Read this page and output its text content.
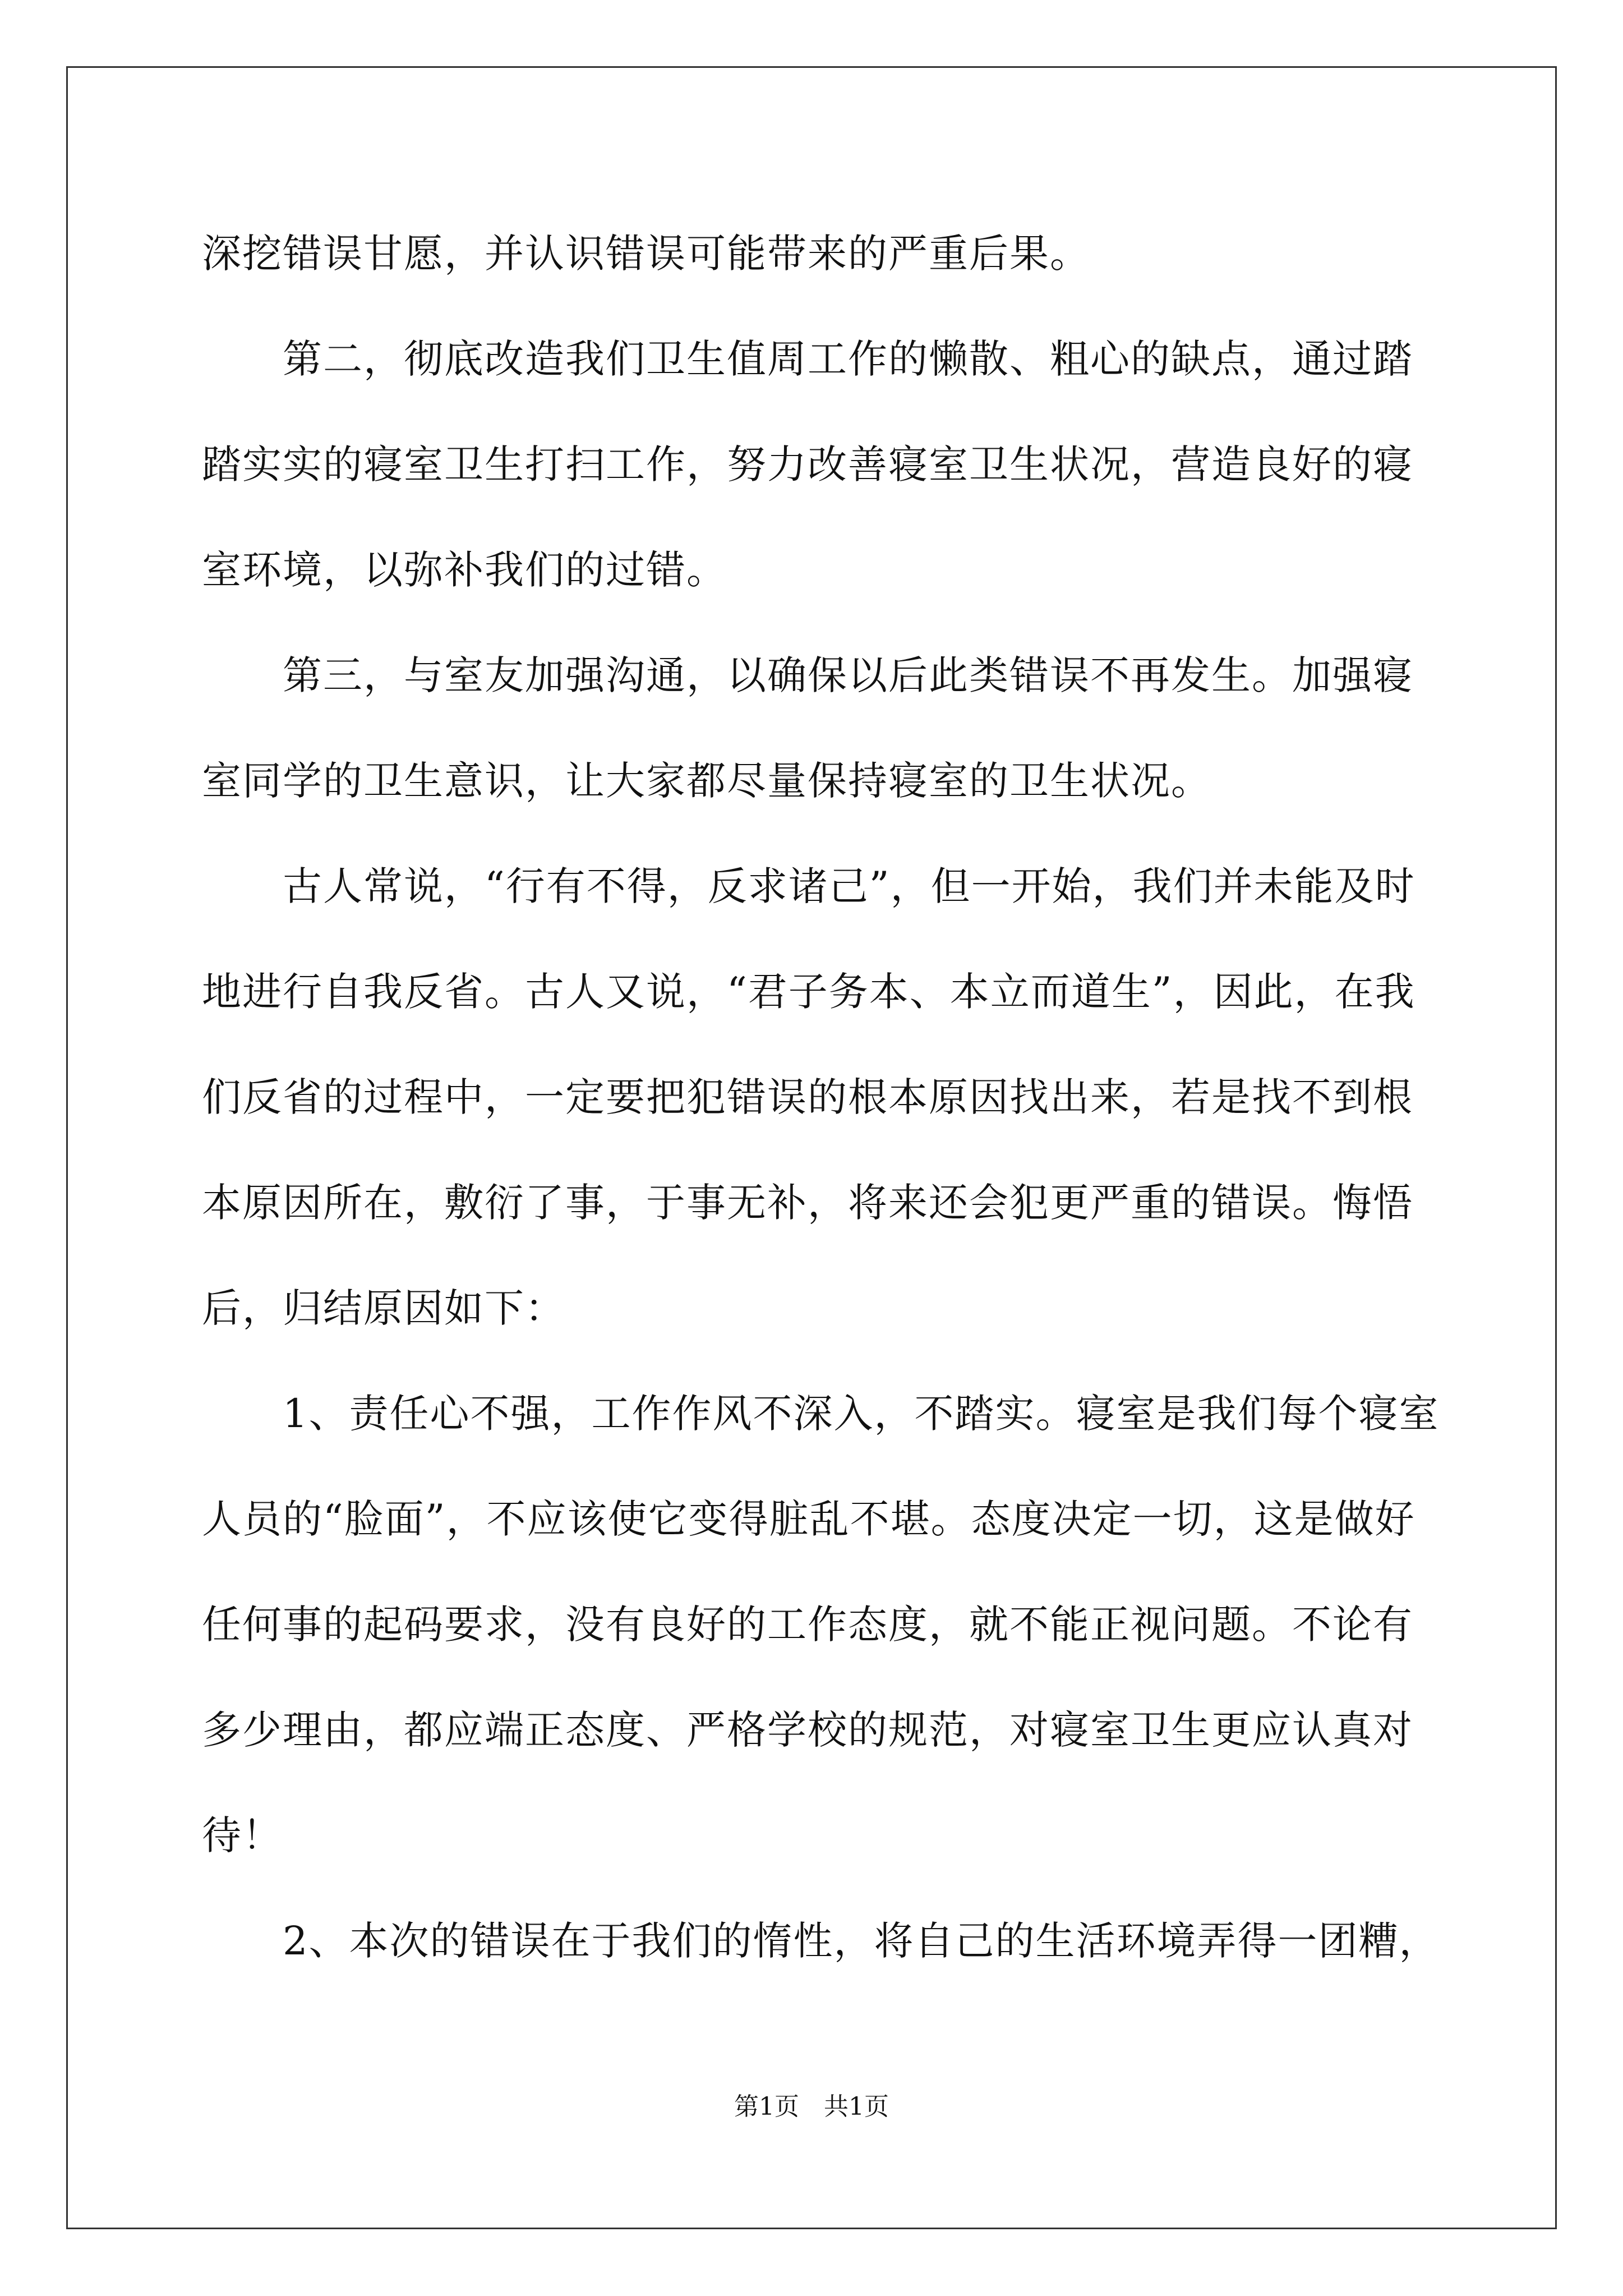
深挖错误甘愿，并认识错误可能带来的严重后果。
　　第二，彻底改造我们卫生值周工作的懒散、粗心的缺点，通过踏
踏实实的寝室卫生打扫工作，努力改善寝室卫生状况，营造良好的寝
室环境，以弥补我们的过错。
　　第三，与室友加强沟通，以确保以后此类错误不再发生。加强寝
室同学的卫生意识，让大家都尽量保持寝室的卫生状况。
　　古人常说，“行有不得，反求诸己”，但一开始，我们并未能及时
地进行自我反省。古人又说，“君子务本、本立而道生”，因此，在我
们反省的过程中，一定要把犯错误的根本原因找出来，若是找不到根
本原因所在，敷衍了事，于事无补，将来还会犯更严重的错误。悔悟
后，归结原因如下：
　　1、责任心不强，工作作风不深入，不踏实。寝室是我们每个寝室
人员的“脸面”，不应该使它变得脏乱不堪。态度决定一切，这是做好
任何事的起码要求，没有良好的工作态度，就不能正视问题。不论有
多少理由，都应端正态度、严格学校的规范，对寝室卫生更应认真对
待！
　　2、本次的错误在于我们的惰性，将自己的生活环境弄得一团糟，
第1页　共1页
